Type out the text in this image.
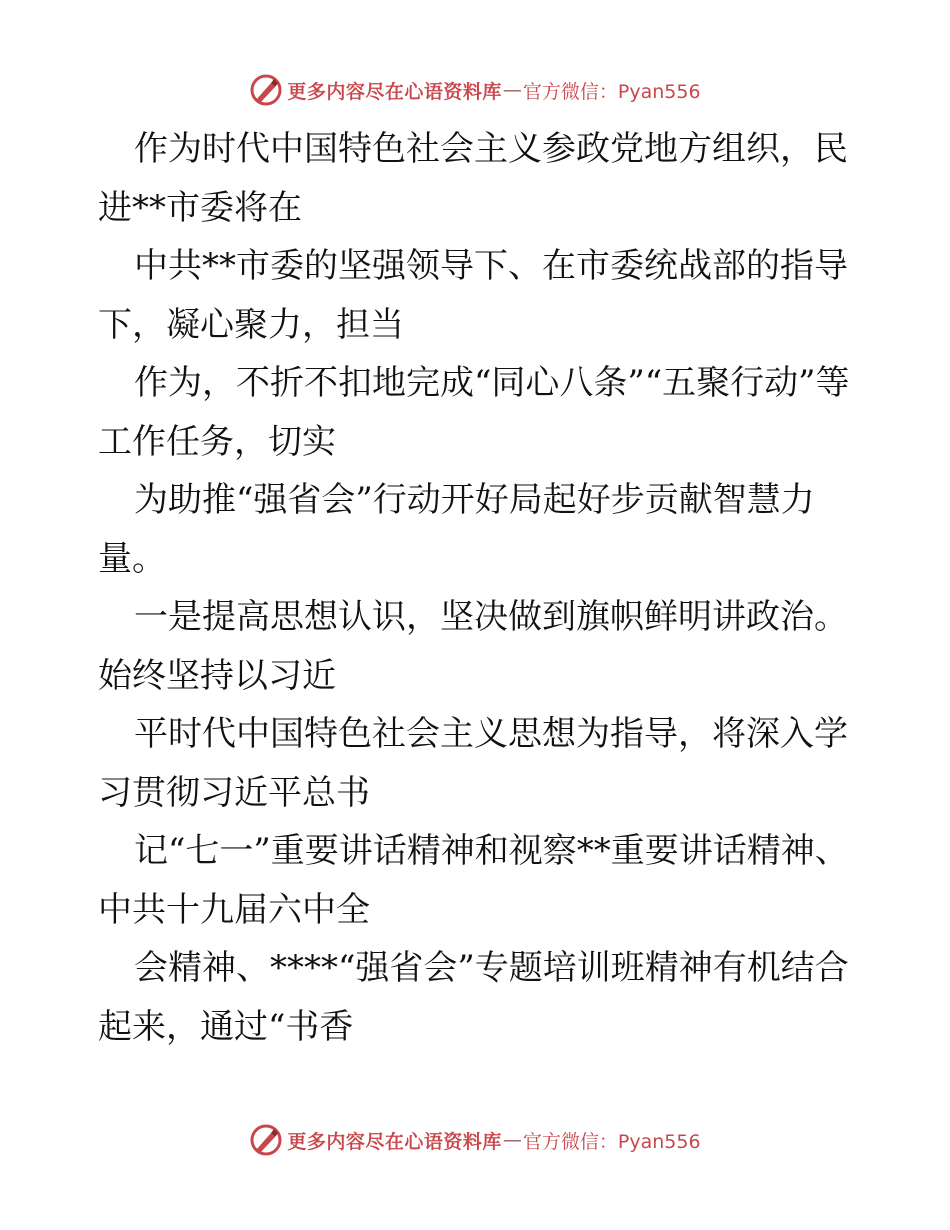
更多内容尽在心语资料库 — 官方微信：Pyan556

作为时代中国特色社会主义参政党地方组织，民进**市委将在

中共**市委的坚强领导下、在市委统战部的指导下，凝心聚力，担当

作为，不折不扣地完成“同心八条”“五聚行动”等工作任务，切实

为助推“强省会”行动开好局起好步贡献智慧力量。

一是提高思想认识，坚决做到旗帜鲜明讲政治。始终坚持以习近

平时代中国特色社会主义思想为指导，将深入学习贯彻习近平总书

记“七一”重要讲话精神和视察**重要讲话精神、中共十九届六中全

会精神、****“强省会”专题培训班精神有机结合起来，通过“书香

更多内容尽在心语资料库 — 官方微信：Pyan556
